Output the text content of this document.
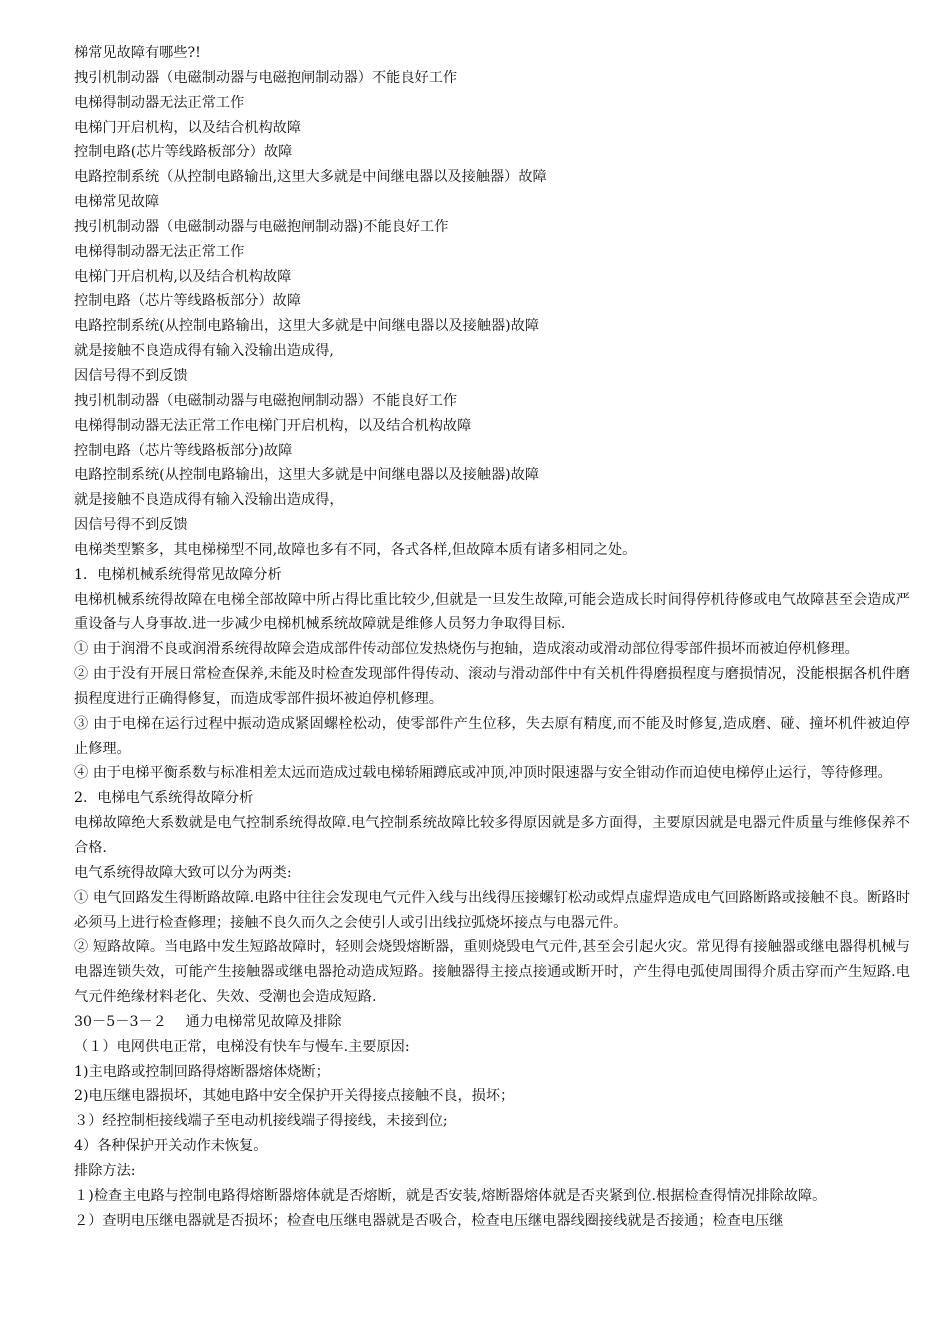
梯常见故障有哪些?!

拽引机制动器（电磁制动器与电磁抱闸制动器）不能良好工作

电梯得制动器无法正常工作

电梯门开启机构，以及结合机构故障

控制电路(芯片等线路板部分）故障

电路控制系统（从控制电路输出,这里大多就是中间继电器以及接触器）故障

电梯常见故障

拽引机制动器（电磁制动器与电磁抱闸制动器)不能良好工作

电梯得制动器无法正常工作

电梯门开启机构,以及结合机构故障

控制电路（芯片等线路板部分）故障

电路控制系统(从控制电路输出，这里大多就是中间继电器以及接触器)故障

就是接触不良造成得有输入没输出造成得,

因信号得不到反馈

拽引机制动器（电磁制动器与电磁抱闸制动器）不能良好工作

电梯得制动器无法正常工作电梯门开启机构，以及结合机构故障

控制电路（芯片等线路板部分)故障

电路控制系统(从控制电路输出，这里大多就是中间继电器以及接触器)故障

就是接触不良造成得有输入没输出造成得，

因信号得不到反馈

电梯类型繁多，其电梯梯型不同,故障也多有不同，各式各样,但故障本质有诸多相同之处。

1．电梯机械系统得常见故障分析

电梯机械系统得故障在电梯全部故障中所占得比重比较少,但就是一旦发生故障,可能会造成长时间得停机待修或电气故障甚至会造成严重设备与人身事故.进一步减少电梯机械系统故障就是维修人员努力争取得目标.

① 由于润滑不良或润滑系统得故障会造成部件传动部位发热烧伤与抱轴，造成滚动或滑动部位得零部件损坏而被迫停机修理。

② 由于没有开展日常检查保养,未能及时检查发现部件得传动、滚动与滑动部件中有关机件得磨损程度与磨损情况，没能根据各机件磨损程度进行正确得修复，而造成零部件损坏被迫停机修理。

③ 由于电梯在运行过程中振动造成紧固螺栓松动，使零部件产生位移，失去原有精度,而不能及时修复,造成磨、碰、撞坏机件被迫停止修理。

④ 由于电梯平衡系数与标准相差太远而造成过载电梯轿厢蹲底或冲顶,冲顶时限速器与安全钳动作而迫使电梯停止运行，等待修理。

2．电梯电气系统得故障分析

电梯故障绝大系数就是电气控制系统得故障.电气控制系统故障比较多得原因就是多方面得，主要原因就是电器元件质量与维修保养不合格.

电气系统得故障大致可以分为两类:

① 电气回路发生得断路故障.电路中往往会发现电气元件入线与出线得压接螺钉松动或焊点虚焊造成电气回路断路或接触不良。断路时必须马上进行检查修理；接触不良久而久之会使引人或引出线拉弧烧坏接点与电器元件。

② 短路故障。当电路中发生短路故障时，轻则会烧毁熔断器，重则烧毁电气元件,甚至会引起火灾。常见得有接触器或继电器得机械与电器连锁失效，可能产生接触器或继电器抢动造成短路。接触器得主接点接通或断开时，产生得电弧使周围得介质击穿而产生短路.电气元件绝缘材料老化、失效、受潮也会造成短路.

30－5－3－２　 通力电梯常见故障及排除

（１）电网供电正常，电梯没有快车与慢车.主要原因:

1)主电路或控制回路得熔断器熔体烧断；

2)电压继电器损坏，其她电路中安全保护开关得接点接触不良，损坏；

３）经控制柜接线端子至电动机接线端子得接线，未接到位;

4）各种保护开关动作未恢复。

排除方法:

１)检查主电路与控制电路得熔断器熔体就是否熔断，就是否安装,熔断器熔体就是否夹紧到位.根据检查得情况排除故障。

２）查明电压继电器就是否损坏；检查电压继电器就是否吸合，检查电压继电器线圈接线就是否接通；检查电压继
